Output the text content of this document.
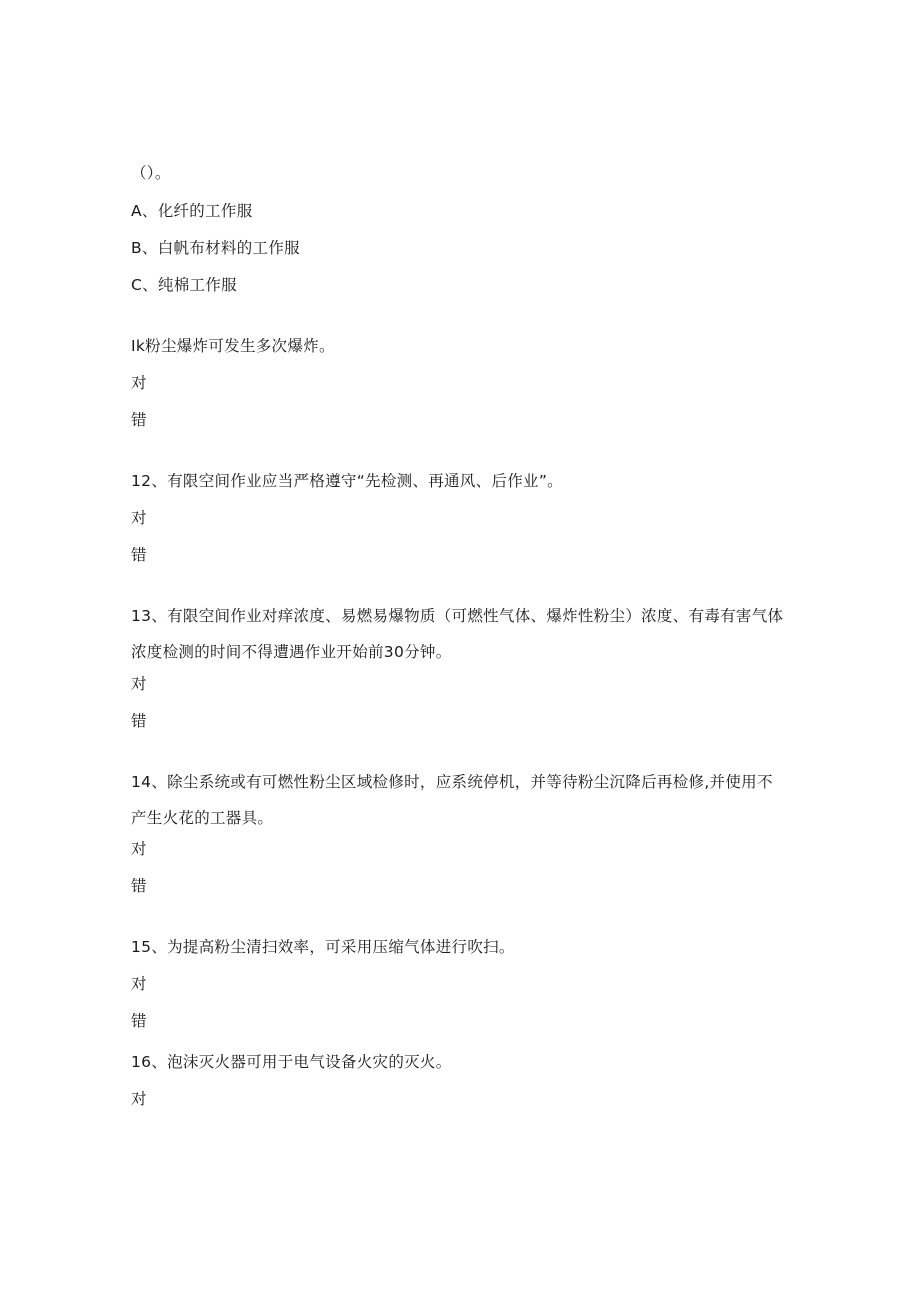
（）。
A、化纤的工作服
B、白帆布材料的工作服
C、纯棉工作服
Ik粉尘爆炸可发生多次爆炸。
对
错
12、有限空间作业应当严格遵守“先检测、再通风、后作业”。
对
错
13、有限空间作业对痒浓度、易燃易爆物质（可燃性气体、爆炸性粉尘）浓度、有毒有害气体浓度检测的时间不得遭遇作业开始前30分钟。
对
错
14、除尘系统或有可燃性粉尘区域检修时，应系统停机，并等待粉尘沉降后再检修,并使用不产生火花的工器具。
对
错
15、为提高粉尘清扫效率，可采用压缩气体进行吹扫。
对
错
16、泡沫灭火器可用于电气设备火灾的灭火。
对
